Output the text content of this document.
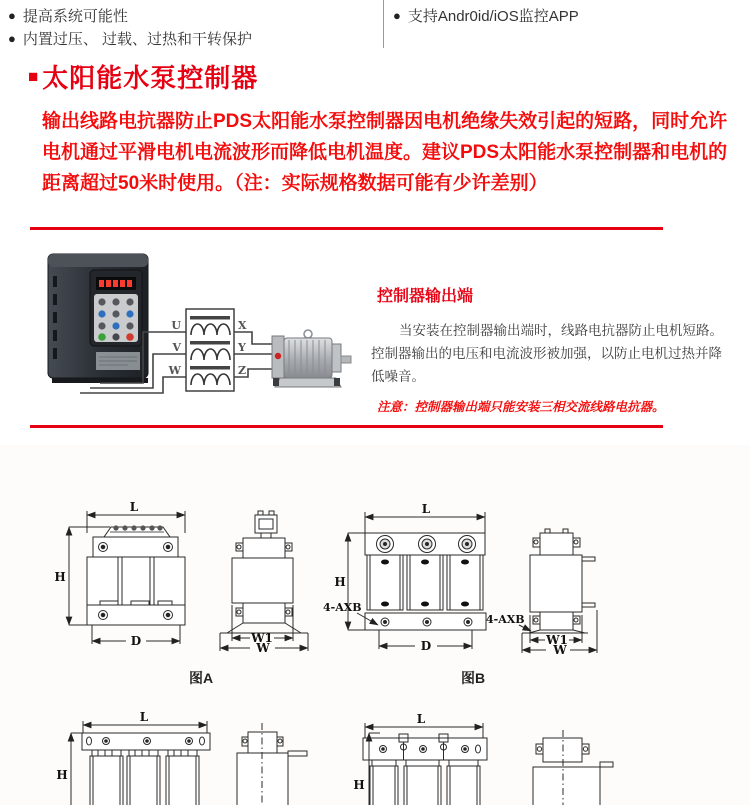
● 提高系统可能性
● 内置过压、 过载、过热和干转保护
● 支持Andr0id/iOS监控APP
■ 太阳能水泵控制器
输出线路电抗器防止PDS太阳能水泵控制器因电机绝缘失效引起的短路，同时允许
电机通过平滑电机电流波形而降低电机温度。建议PDS太阳能水泵控制器和电机的
距离超过50米时使用。（注：实际规格数据可能有少许差别）
U
V
W
X
Y
Z
控制器输出端
当安装在控制器输出端时，线路电抗器防止电机短路。
控制器输出的电压和电流波形被加强，以防止电机过热并降
低噪音。
注意：控制器输出端只能安装三相交流线路电抗器。
L
H
D	W1
W
图A
L
H
D
4-AXB
W1
W
4-AXB
图B
L
H
L
H
